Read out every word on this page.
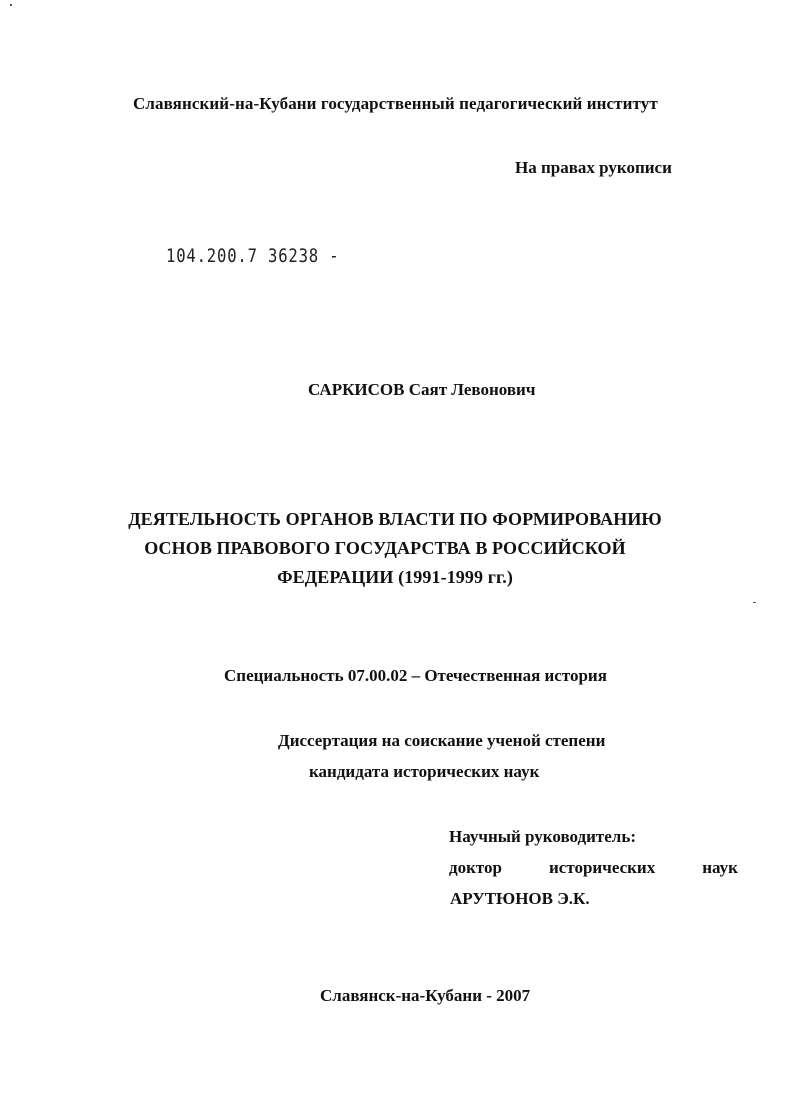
Славянский-на-Кубани государственный педагогический институт
На правах рукописи
104.200.7 36238 -
САРКИСОВ Саят Левонович
ДЕЯТЕЛЬНОСТЬ ОРГАНОВ ВЛАСТИ ПО ФОРМИРОВАНИЮ
ОСНОВ ПРАВОВОГО ГОСУДАРСТВА В РОССИЙСКОЙ
ФЕДЕРАЦИИ (1991-1999 гг.)
Специальность 07.00.02 – Отечественная история
Диссертация на соискание ученой степени
кандидата исторических наук
Научный руководитель:
доктор	исторических	наук
АРУТЮНОВ Э.К.
Славянск-на-Кубани - 2007
